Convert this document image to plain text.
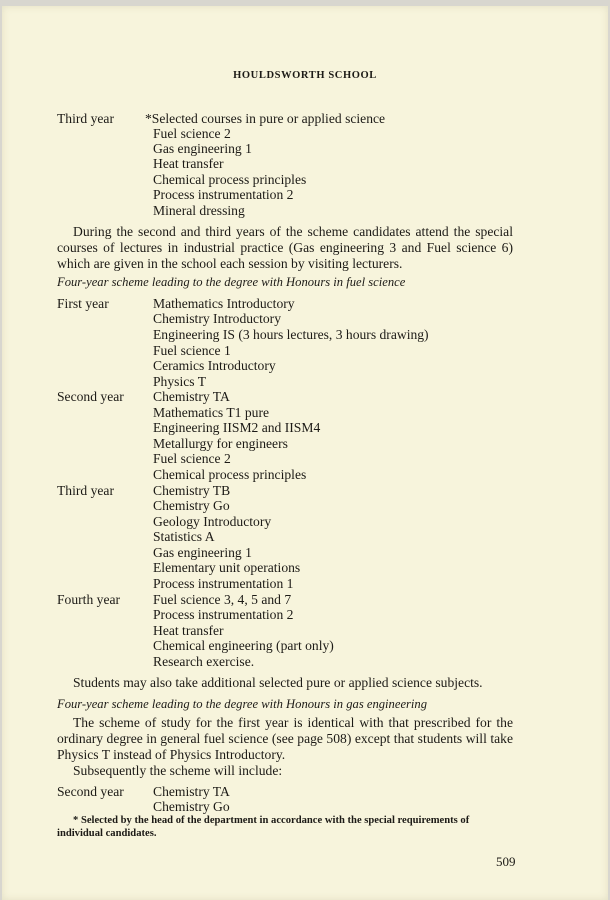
HOULDSWORTH SCHOOL
Third year	*Selected courses in pure or applied science
Fuel science 2
Gas engineering 1
Heat transfer
Chemical process principles
Process instrumentation 2
Mineral dressing

During the second and third years of the scheme candidates attend the special courses of lectures in industrial practice (Gas engineering 3 and Fuel science 6) which are given in the school each session by visiting lecturers.

Four-year scheme leading to the degree with Honours in fuel science
First year	Mathematics Introductory
Chemistry Introductory
Engineering IS (3 hours lectures, 3 hours drawing)
Fuel science 1
Ceramics Introductory
Physics T
Second year	Chemistry TA
Mathematics T1 pure
Engineering IISM2 and IISM4
Metallurgy for engineers
Fuel science 2
Chemical process principles
Third year	Chemistry TB
Chemistry Go
Geology Introductory
Statistics A
Gas engineering 1
Elementary unit operations
Process instrumentation 1
Fourth year	Fuel science 3, 4, 5 and 7
Process instrumentation 2
Heat transfer
Chemical engineering (part only)
Research exercise.

Students may also take additional selected pure or applied science subjects.

Four-year scheme leading to the degree with Honours in gas engineering

The scheme of study for the first year is identical with that prescribed for the ordinary degree in general fuel science (see page 508) except that students will take Physics T instead of Physics Introductory.

Subsequently the scheme will include:

Second year	Chemistry TA
Chemistry Go

* Selected by the head of the department in accordance with the special requirements of individual candidates.

509
